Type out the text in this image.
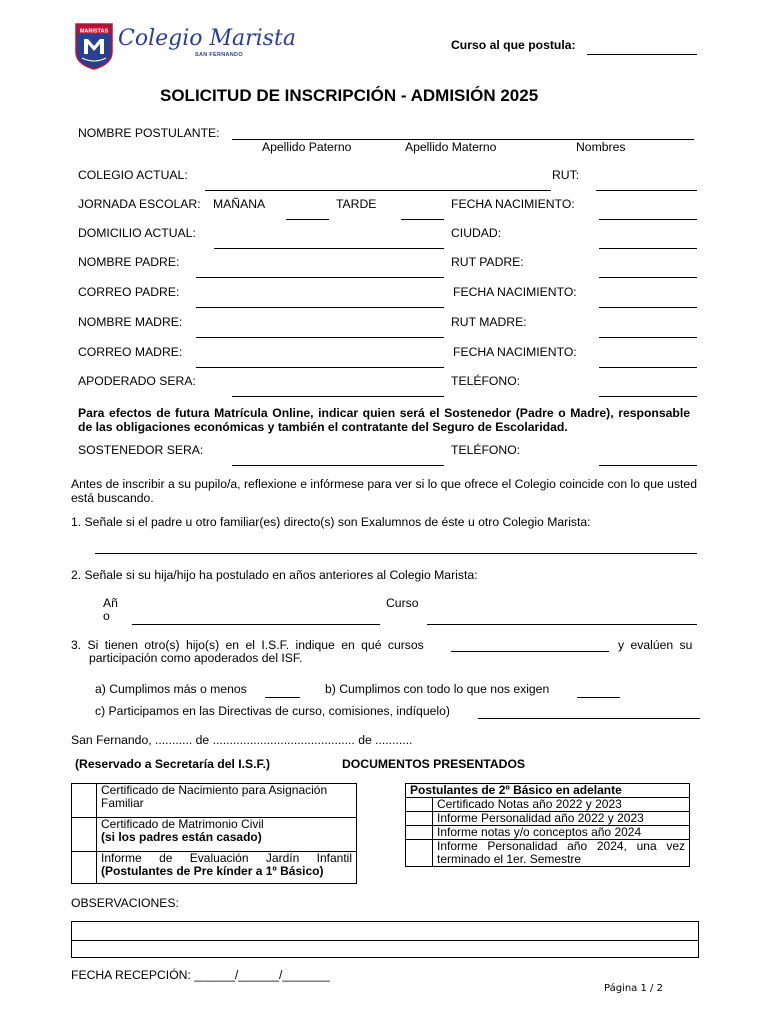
MARISTAS Colegio Marista
SAN FERNANDO
Curso al que postula:
SOLICITUD DE INSCRIPCIÓN - ADMISIÓN 2025
NOMBRE POSTULANTE:
Apellido Paterno	Apellido Materno	Nombres
COLEGIO ACTUAL:	RUT:
JORNADA ESCOLAR: MAÑANA	TARDE	FECHA NACIMIENTO:
DOMICILIO ACTUAL:	CIUDAD:
NOMBRE PADRE:	RUT PADRE:
CORREO PADRE:	FECHA NACIMIENTO:
NOMBRE MADRE:	RUT MADRE:
CORREO MADRE:	FECHA NACIMIENTO:
APODERADO SERA:	TELÉFONO:
Para efectos de futura Matrícula Online, indicar quien será el Sostenedor (Padre o Madre), responsable de las obligaciones económicas y también el contratante del Seguro de Escolaridad.
SOSTENEDOR SERA:	TELÉFONO:
Antes de inscribir a su pupilo/a, reflexione e infórmese para ver si lo que ofrece el Colegio coincide con lo que usted está buscando.
1. Señale si el padre u otro familiar(es) directo(s) son Exalumnos de éste u otro Colegio Marista:
2. Señale si su hija/hijo ha postulado en años anteriores al Colegio Marista:
Añ
o
Curso
3. Si tienen otro(s) hijo(s) en el I.S.F. indique en qué cursos	y evalúen su
participación como apoderados del ISF.
a) Cumplimos más o menos	b) Cumplimos con todo lo que nos exigen
c) Participamos en las Directivas de curso, comisiones, indíquelo)
San Fernando, ........... de .......................................... de ...........
(Reservado a Secretaría del I.S.F.)	DOCUMENTOS PRESENTADOS

	Certificado de Nacimiento para Asignación
Familiar

	Certificado de Matrimonio Civil
(si los padres están casado)

	Informe de Evaluación Jardín Infantil
(Postulantes de Pre kínder a 1º Básico)
Postulantes de 2º Básico en adelante	
	Certificado Notas año 2022 y 2023
	Informe Personalidad año 2022 y 2023
	Informe notas y/o conceptos año 2024
	Informe Personalidad año 2024, una vez terminado el 1er. Semestre
OBSERVACIONES:
FECHA RECEPCIÓN: ______/______/_______
Página 1 / 2
